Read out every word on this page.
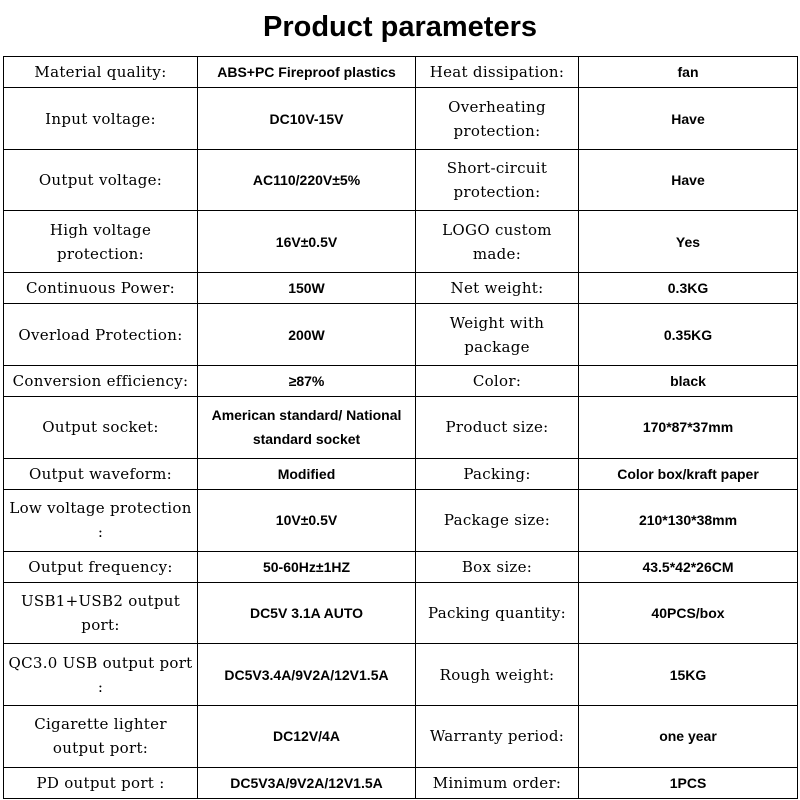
Product parameters
Material quality:	ABS+PC Fireproof plastics	Heat dissipation:	fan
Input voltage:	DC10V-15V	Overheating protection:	Have
Output voltage:	AC110/220V±5%	Short-circuit protection:	Have
High voltage protection:	16V±0.5V	LOGO custom made:	Yes
Continuous Power:	150W	Net weight:	0.3KG
Overload Protection:	200W	Weight with package	0.35KG
Conversion efficiency:	≥87%	Color:	black
Output socket:	American standard/ National standard socket	Product size:	170*87*37mm
Output waveform:	Modified	Packing:	Color box/kraft paper
Low voltage protection :	10V±0.5V	Package size:	210*130*38mm
Output frequency:	50-60Hz±1HZ	Box size:	43.5*42*26CM
USB1+USB2 output port:	DC5V 3.1A AUTO	Packing quantity:	40PCS/box
QC3.0 USB output port :	DC5V3.4A/9V2A/12V1.5A	Rough weight:	15KG
Cigarette lighter output port:	DC12V/4A	Warranty period:	one year
PD output port :	DC5V3A/9V2A/12V1.5A	Minimum order:	1PCS
